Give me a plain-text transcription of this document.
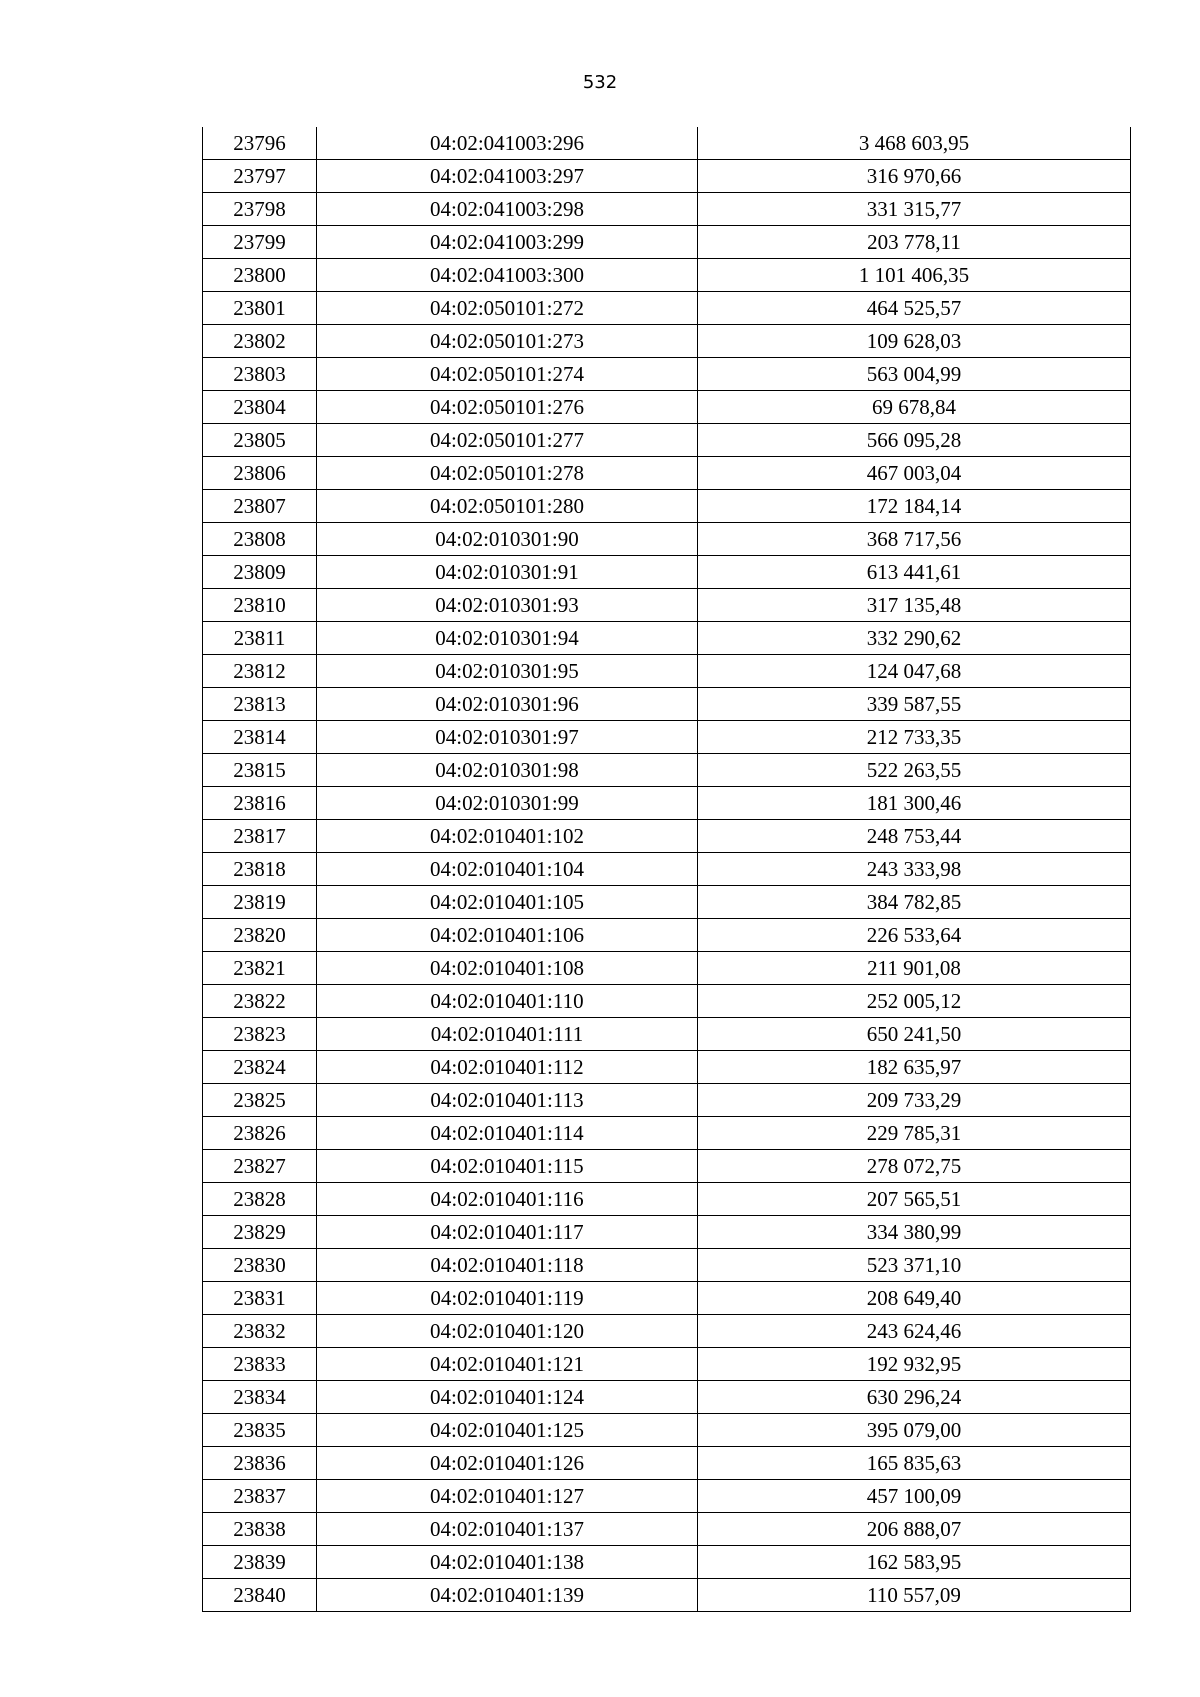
532
23796	04:02:041003:296	3 468 603,95
23797	04:02:041003:297	316 970,66
23798	04:02:041003:298	331 315,77
23799	04:02:041003:299	203 778,11
23800	04:02:041003:300	1 101 406,35
23801	04:02:050101:272	464 525,57
23802	04:02:050101:273	109 628,03
23803	04:02:050101:274	563 004,99
23804	04:02:050101:276	69 678,84
23805	04:02:050101:277	566 095,28
23806	04:02:050101:278	467 003,04
23807	04:02:050101:280	172 184,14
23808	04:02:010301:90	368 717,56
23809	04:02:010301:91	613 441,61
23810	04:02:010301:93	317 135,48
23811	04:02:010301:94	332 290,62
23812	04:02:010301:95	124 047,68
23813	04:02:010301:96	339 587,55
23814	04:02:010301:97	212 733,35
23815	04:02:010301:98	522 263,55
23816	04:02:010301:99	181 300,46
23817	04:02:010401:102	248 753,44
23818	04:02:010401:104	243 333,98
23819	04:02:010401:105	384 782,85
23820	04:02:010401:106	226 533,64
23821	04:02:010401:108	211 901,08
23822	04:02:010401:110	252 005,12
23823	04:02:010401:111	650 241,50
23824	04:02:010401:112	182 635,97
23825	04:02:010401:113	209 733,29
23826	04:02:010401:114	229 785,31
23827	04:02:010401:115	278 072,75
23828	04:02:010401:116	207 565,51
23829	04:02:010401:117	334 380,99
23830	04:02:010401:118	523 371,10
23831	04:02:010401:119	208 649,40
23832	04:02:010401:120	243 624,46
23833	04:02:010401:121	192 932,95
23834	04:02:010401:124	630 296,24
23835	04:02:010401:125	395 079,00
23836	04:02:010401:126	165 835,63
23837	04:02:010401:127	457 100,09
23838	04:02:010401:137	206 888,07
23839	04:02:010401:138	162 583,95
23840	04:02:010401:139	110 557,09
